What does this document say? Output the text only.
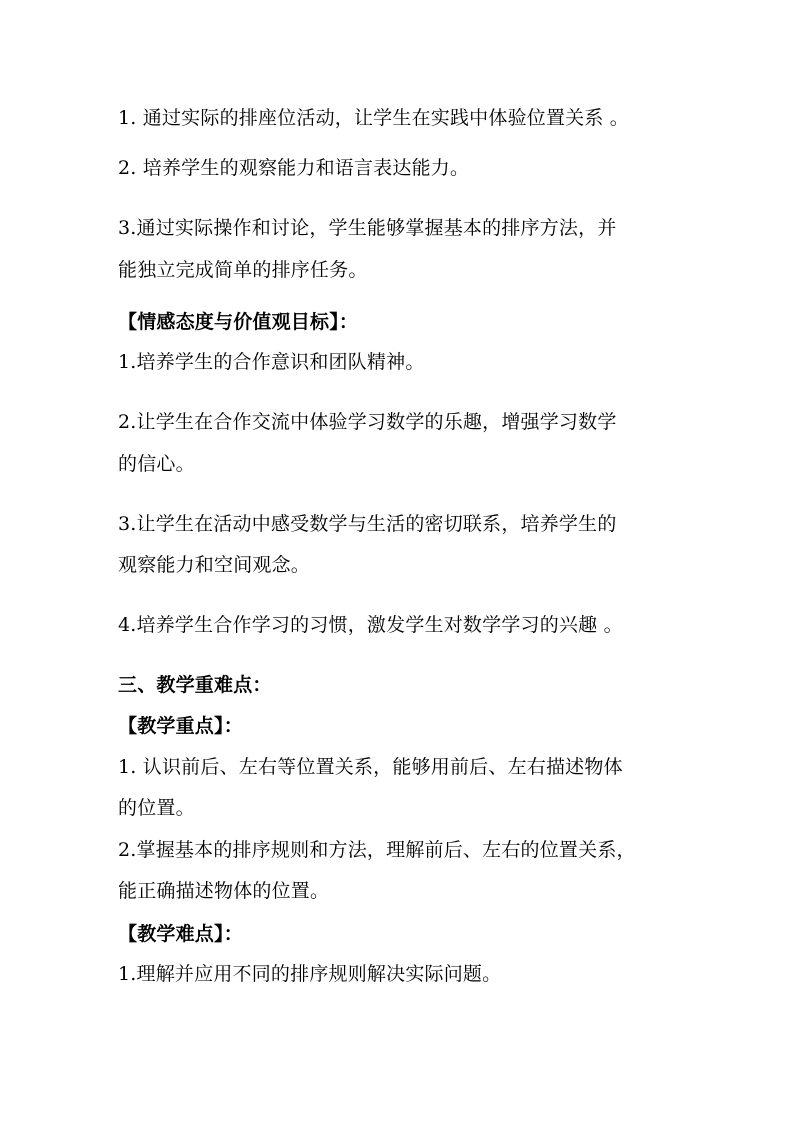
1. 通过实际的排座位活动，让学生在实践中体验位置关系 。
2. 培养学生的观察能力和语言表达能力。
3.通过实际操作和讨论，学生能够掌握基本的排序方法，并
能独立完成简单的排序任务。
【情感态度与价值观目标】：
1.培养学生的合作意识和团队精神。
2.让学生在合作交流中体验学习数学的乐趣，增强学习数学
的信心。
3.让学生在活动中感受数学与生活的密切联系，培养学生的
观察能力和空间观念。
4.培养学生合作学习的习惯，激发学生对数学学习的兴趣 。
三、教学重难点：
【教学重点】：
1. 认识前后、左右等位置关系，能够用前后、左右描述物体
的位置。
2.掌握基本的排序规则和方法，理解前后、左右的位置关系，
能正确描述物体的位置。
【教学难点】：
1.理解并应用不同的排序规则解决实际问题。
